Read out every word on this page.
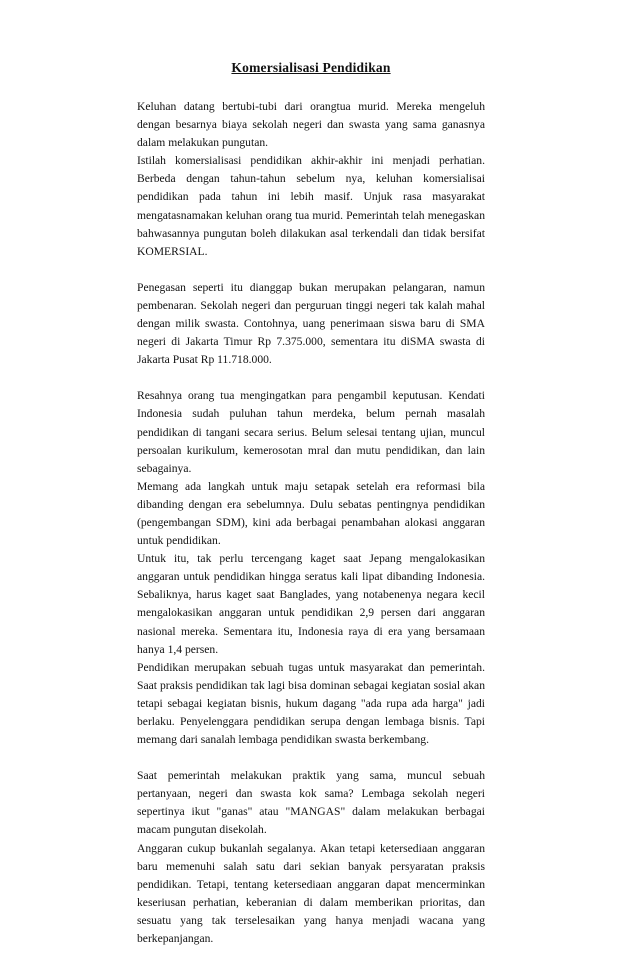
Komersialisasi Pendidikan

Keluhan datang bertubi-tubi dari orangtua murid. Mereka mengeluh dengan besarnya biaya sekolah negeri dan swasta yang sama ganasnya dalam melakukan pungutan.

Istilah komersialisasi pendidikan akhir-akhir ini menjadi perhatian. Berbeda dengan tahun-tahun sebelum nya, keluhan komersialisai pendidikan pada tahun ini lebih masif. Unjuk rasa masyarakat mengatasnamakan keluhan orang tua murid. Pemerintah telah menegaskan bahwasannya pungutan boleh dilakukan asal terkendali dan tidak bersifat KOMERSIAL.

Penegasan seperti itu dianggap bukan merupakan pelangaran, namun pembenaran. Sekolah negeri dan perguruan tinggi negeri tak kalah mahal dengan milik swasta. Contohnya, uang penerimaan siswa baru di SMA negeri di Jakarta Timur Rp 7.375.000, sementara itu diSMA swasta di Jakarta Pusat Rp 11.718.000.

Resahnya orang tua mengingatkan para pengambil keputusan. Kendati Indonesia sudah puluhan tahun merdeka, belum pernah masalah pendidikan di tangani secara serius. Belum selesai tentang ujian, muncul persoalan kurikulum, kemerosotan mral dan mutu pendidikan, dan lain sebagainya.

Memang ada langkah untuk maju setapak setelah era reformasi bila dibanding dengan era sebelumnya. Dulu sebatas pentingnya pendidikan (pengembangan SDM), kini ada berbagai penambahan alokasi anggaran untuk pendidikan.

Untuk itu, tak perlu tercengang kaget saat Jepang mengalokasikan anggaran untuk pendidikan hingga seratus kali lipat dibanding Indonesia. Sebaliknya, harus kaget saat Banglades, yang notabenenya negara kecil mengalokasikan anggaran untuk pendidikan 2,9 persen dari anggaran nasional mereka. Sementara itu, Indonesia raya di era yang bersamaan hanya 1,4 persen.

Pendidikan merupakan sebuah tugas untuk masyarakat dan pemerintah. Saat praksis pendidikan tak lagi bisa dominan sebagai kegiatan sosial akan tetapi sebagai kegiatan bisnis, hukum dagang "ada rupa ada harga" jadi berlaku. Penyelenggara pendidikan serupa dengan lembaga bisnis. Tapi memang dari sanalah lembaga pendidikan swasta berkembang.

Saat pemerintah melakukan praktik yang sama, muncul sebuah pertanyaan, negeri dan swasta kok sama? Lembaga sekolah negeri sepertinya ikut "ganas" atau "MANGAS" dalam melakukan berbagai macam pungutan disekolah.

Anggaran cukup bukanlah segalanya. Akan tetapi ketersediaan anggaran baru memenuhi salah satu dari sekian banyak persyaratan praksis pendidikan. Tetapi, tentang ketersediaan anggaran dapat mencerminkan keseriusan perhatian, keberanian di dalam memberikan prioritas, dan sesuatu yang tak terselesaikan yang hanya menjadi wacana yang berkepanjangan.
